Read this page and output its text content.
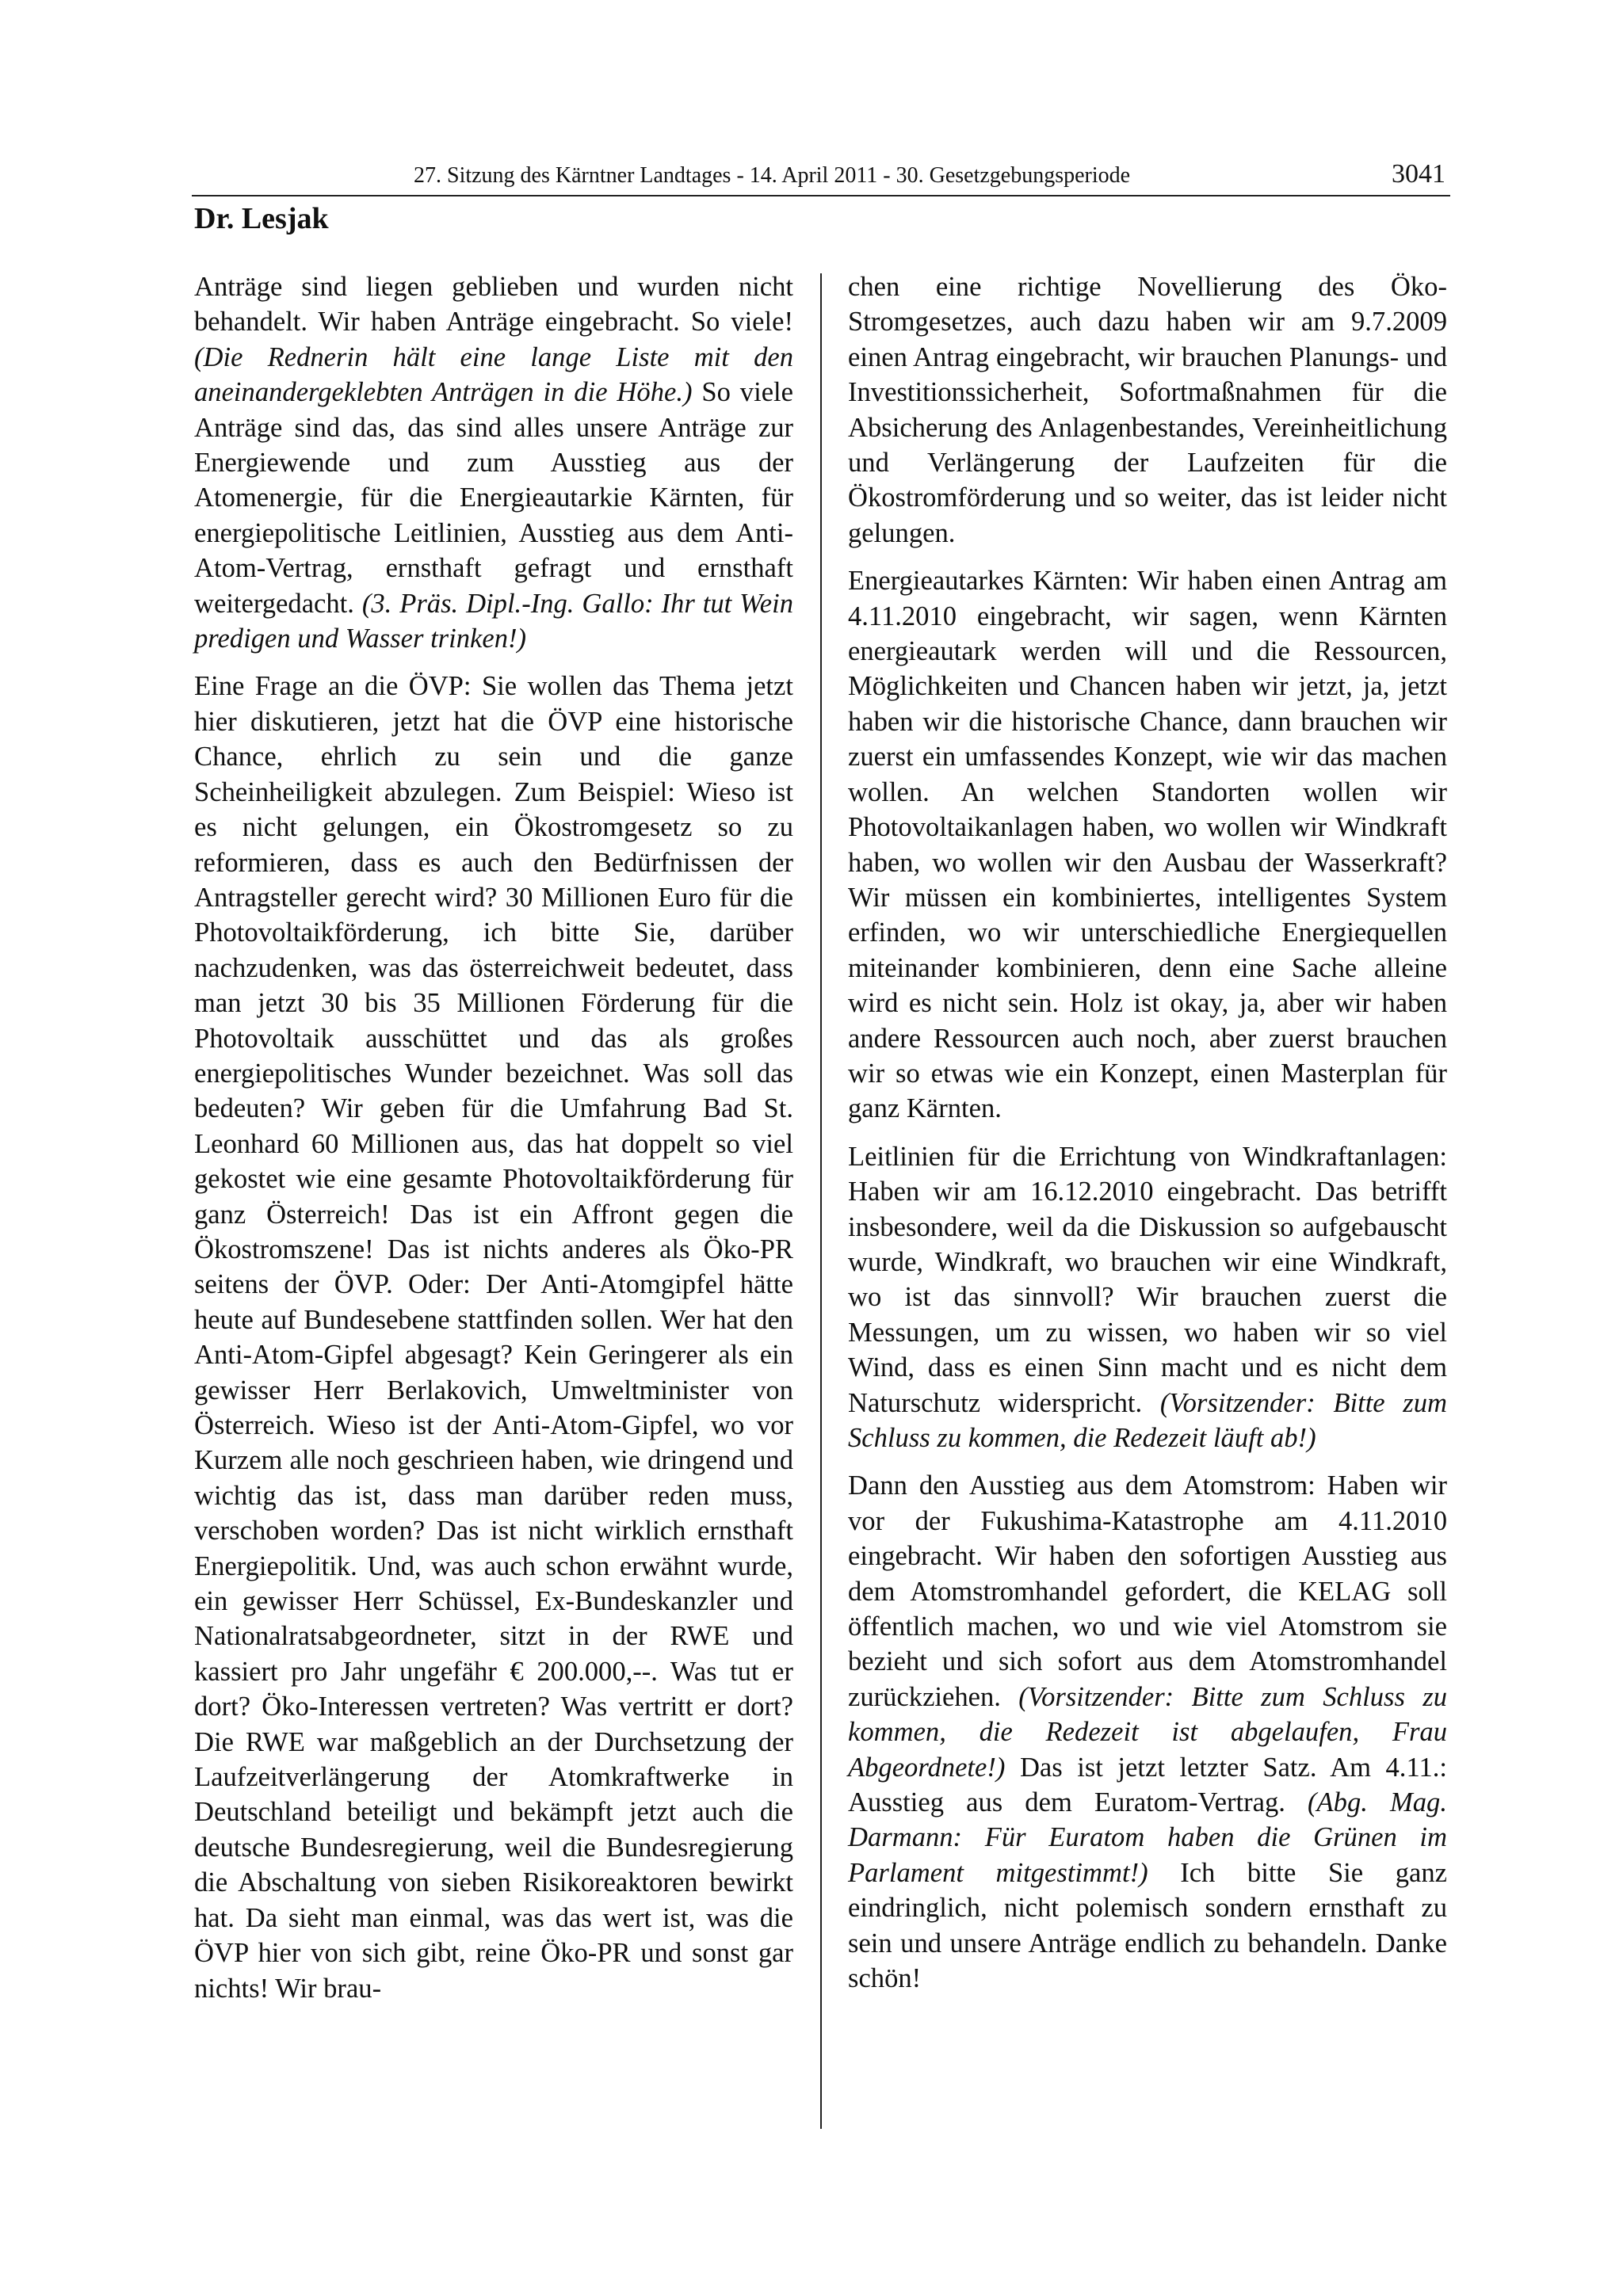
27. Sitzung des Kärntner Landtages - 14. April 2011 - 30. Gesetzgebungsperiode	3041
Dr. Lesjak

Anträge sind liegen geblieben und wurden nicht behandelt. Wir haben Anträge eingebracht. So viele! (Die Rednerin hält eine lange Liste mit den aneinandergeklebten Anträgen in die Höhe.) So viele Anträge sind das, das sind alles unsere Anträge zur Energiewende und zum Ausstieg aus der Atomenergie, für die Energieautarkie Kärnten, für energiepolitische Leitlinien, Ausstieg aus dem Anti-Atom-Vertrag, ernsthaft gefragt und ernsthaft weitergedacht. (3. Präs. Dipl.-Ing. Gallo: Ihr tut Wein predigen und Wasser trinken!)

Eine Frage an die ÖVP: Sie wollen das Thema jetzt hier diskutieren, jetzt hat die ÖVP eine historische Chance, ehrlich zu sein und die ganze Scheinheiligkeit abzulegen. Zum Beispiel: Wieso ist es nicht gelungen, ein Ökostromgesetz so zu reformieren, dass es auch den Bedürfnissen der Antragsteller gerecht wird? 30 Millionen Euro für die Photovoltaikförderung, ich bitte Sie, darüber nachzudenken, was das österreichweit bedeutet, dass man jetzt 30 bis 35 Millionen Förderung für die Photovoltaik ausschüttet und das als großes energiepolitisches Wunder bezeichnet. Was soll das bedeuten? Wir geben für die Umfahrung Bad St. Leonhard 60 Millionen aus, das hat doppelt so viel gekostet wie eine gesamte Photovoltaikförderung für ganz Österreich! Das ist ein Affront gegen die Ökostromszene! Das ist nichts anderes als Öko-PR seitens der ÖVP. Oder: Der Anti-Atomgipfel hätte heute auf Bundesebene stattfinden sollen. Wer hat den Anti-Atom-Gipfel abgesagt? Kein Geringerer als ein gewisser Herr Berlakovich, Umweltminister von Österreich. Wieso ist der Anti-Atom-Gipfel, wo vor Kurzem alle noch geschrieen haben, wie dringend und wichtig das ist, dass man darüber reden muss, verschoben worden? Das ist nicht wirklich ernsthaft Energiepolitik. Und, was auch schon erwähnt wurde, ein gewisser Herr Schüssel, Ex-Bundeskanzler und Nationalratsabgeordneter, sitzt in der RWE und kassiert pro Jahr ungefähr € 200.000,--. Was tut er dort? Öko-Interessen vertreten? Was vertritt er dort? Die RWE war maßgeblich an der Durchsetzung der Laufzeitverlängerung der Atomkraftwerke in Deutschland beteiligt und bekämpft jetzt auch die deutsche Bundesregierung, weil die Bundesregierung die Abschaltung von sieben Risikoreaktoren bewirkt hat. Da sieht man einmal, was das wert ist, was die ÖVP hier von sich gibt, reine Öko-PR und sonst gar nichts! Wir brau-

chen eine richtige Novellierung des Öko-Stromgesetzes, auch dazu haben wir am 9.7.2009 einen Antrag eingebracht, wir brauchen Planungs- und Investitionssicherheit, Sofortmaßnahmen für die Absicherung des Anlagenbestandes, Vereinheitlichung und Verlängerung der Laufzeiten für die Ökostromförderung und so weiter, das ist leider nicht gelungen.

Energieautarkes Kärnten: Wir haben einen Antrag am 4.11.2010 eingebracht, wir sagen, wenn Kärnten energieautark werden will und die Ressourcen, Möglichkeiten und Chancen haben wir jetzt, ja, jetzt haben wir die historische Chance, dann brauchen wir zuerst ein umfassendes Konzept, wie wir das machen wollen. An welchen Standorten wollen wir Photovoltaikanlagen haben, wo wollen wir Windkraft haben, wo wollen wir den Ausbau der Wasserkraft? Wir müssen ein kombiniertes, intelligentes System erfinden, wo wir unterschiedliche Energiequellen miteinander kombinieren, denn eine Sache alleine wird es nicht sein. Holz ist okay, ja, aber wir haben andere Ressourcen auch noch, aber zuerst brauchen wir so etwas wie ein Konzept, einen Masterplan für ganz Kärnten.

Leitlinien für die Errichtung von Windkraftanlagen: Haben wir am 16.12.2010 eingebracht. Das betrifft insbesondere, weil da die Diskussion so aufgebauscht wurde, Windkraft, wo brauchen wir eine Windkraft, wo ist das sinnvoll? Wir brauchen zuerst die Messungen, um zu wissen, wo haben wir so viel Wind, dass es einen Sinn macht und es nicht dem Naturschutz widerspricht. (Vorsitzender: Bitte zum Schluss zu kommen, die Redezeit läuft ab!)

Dann den Ausstieg aus dem Atomstrom: Haben wir vor der Fukushima-Katastrophe am 4.11.2010 eingebracht. Wir haben den sofortigen Ausstieg aus dem Atomstromhandel gefordert, die KELAG soll öffentlich machen, wo und wie viel Atomstrom sie bezieht und sich sofort aus dem Atomstromhandel zurückziehen. (Vorsitzender: Bitte zum Schluss zu kommen, die Redezeit ist abgelaufen, Frau Abgeordnete!) Das ist jetzt letzter Satz. Am 4.11.: Ausstieg aus dem Euratom-Vertrag. (Abg. Mag. Darmann: Für Euratom haben die Grünen im Parlament mitgestimmt!) Ich bitte Sie ganz eindringlich, nicht polemisch sondern ernsthaft zu sein und unsere Anträge endlich zu behandeln. Danke schön!
